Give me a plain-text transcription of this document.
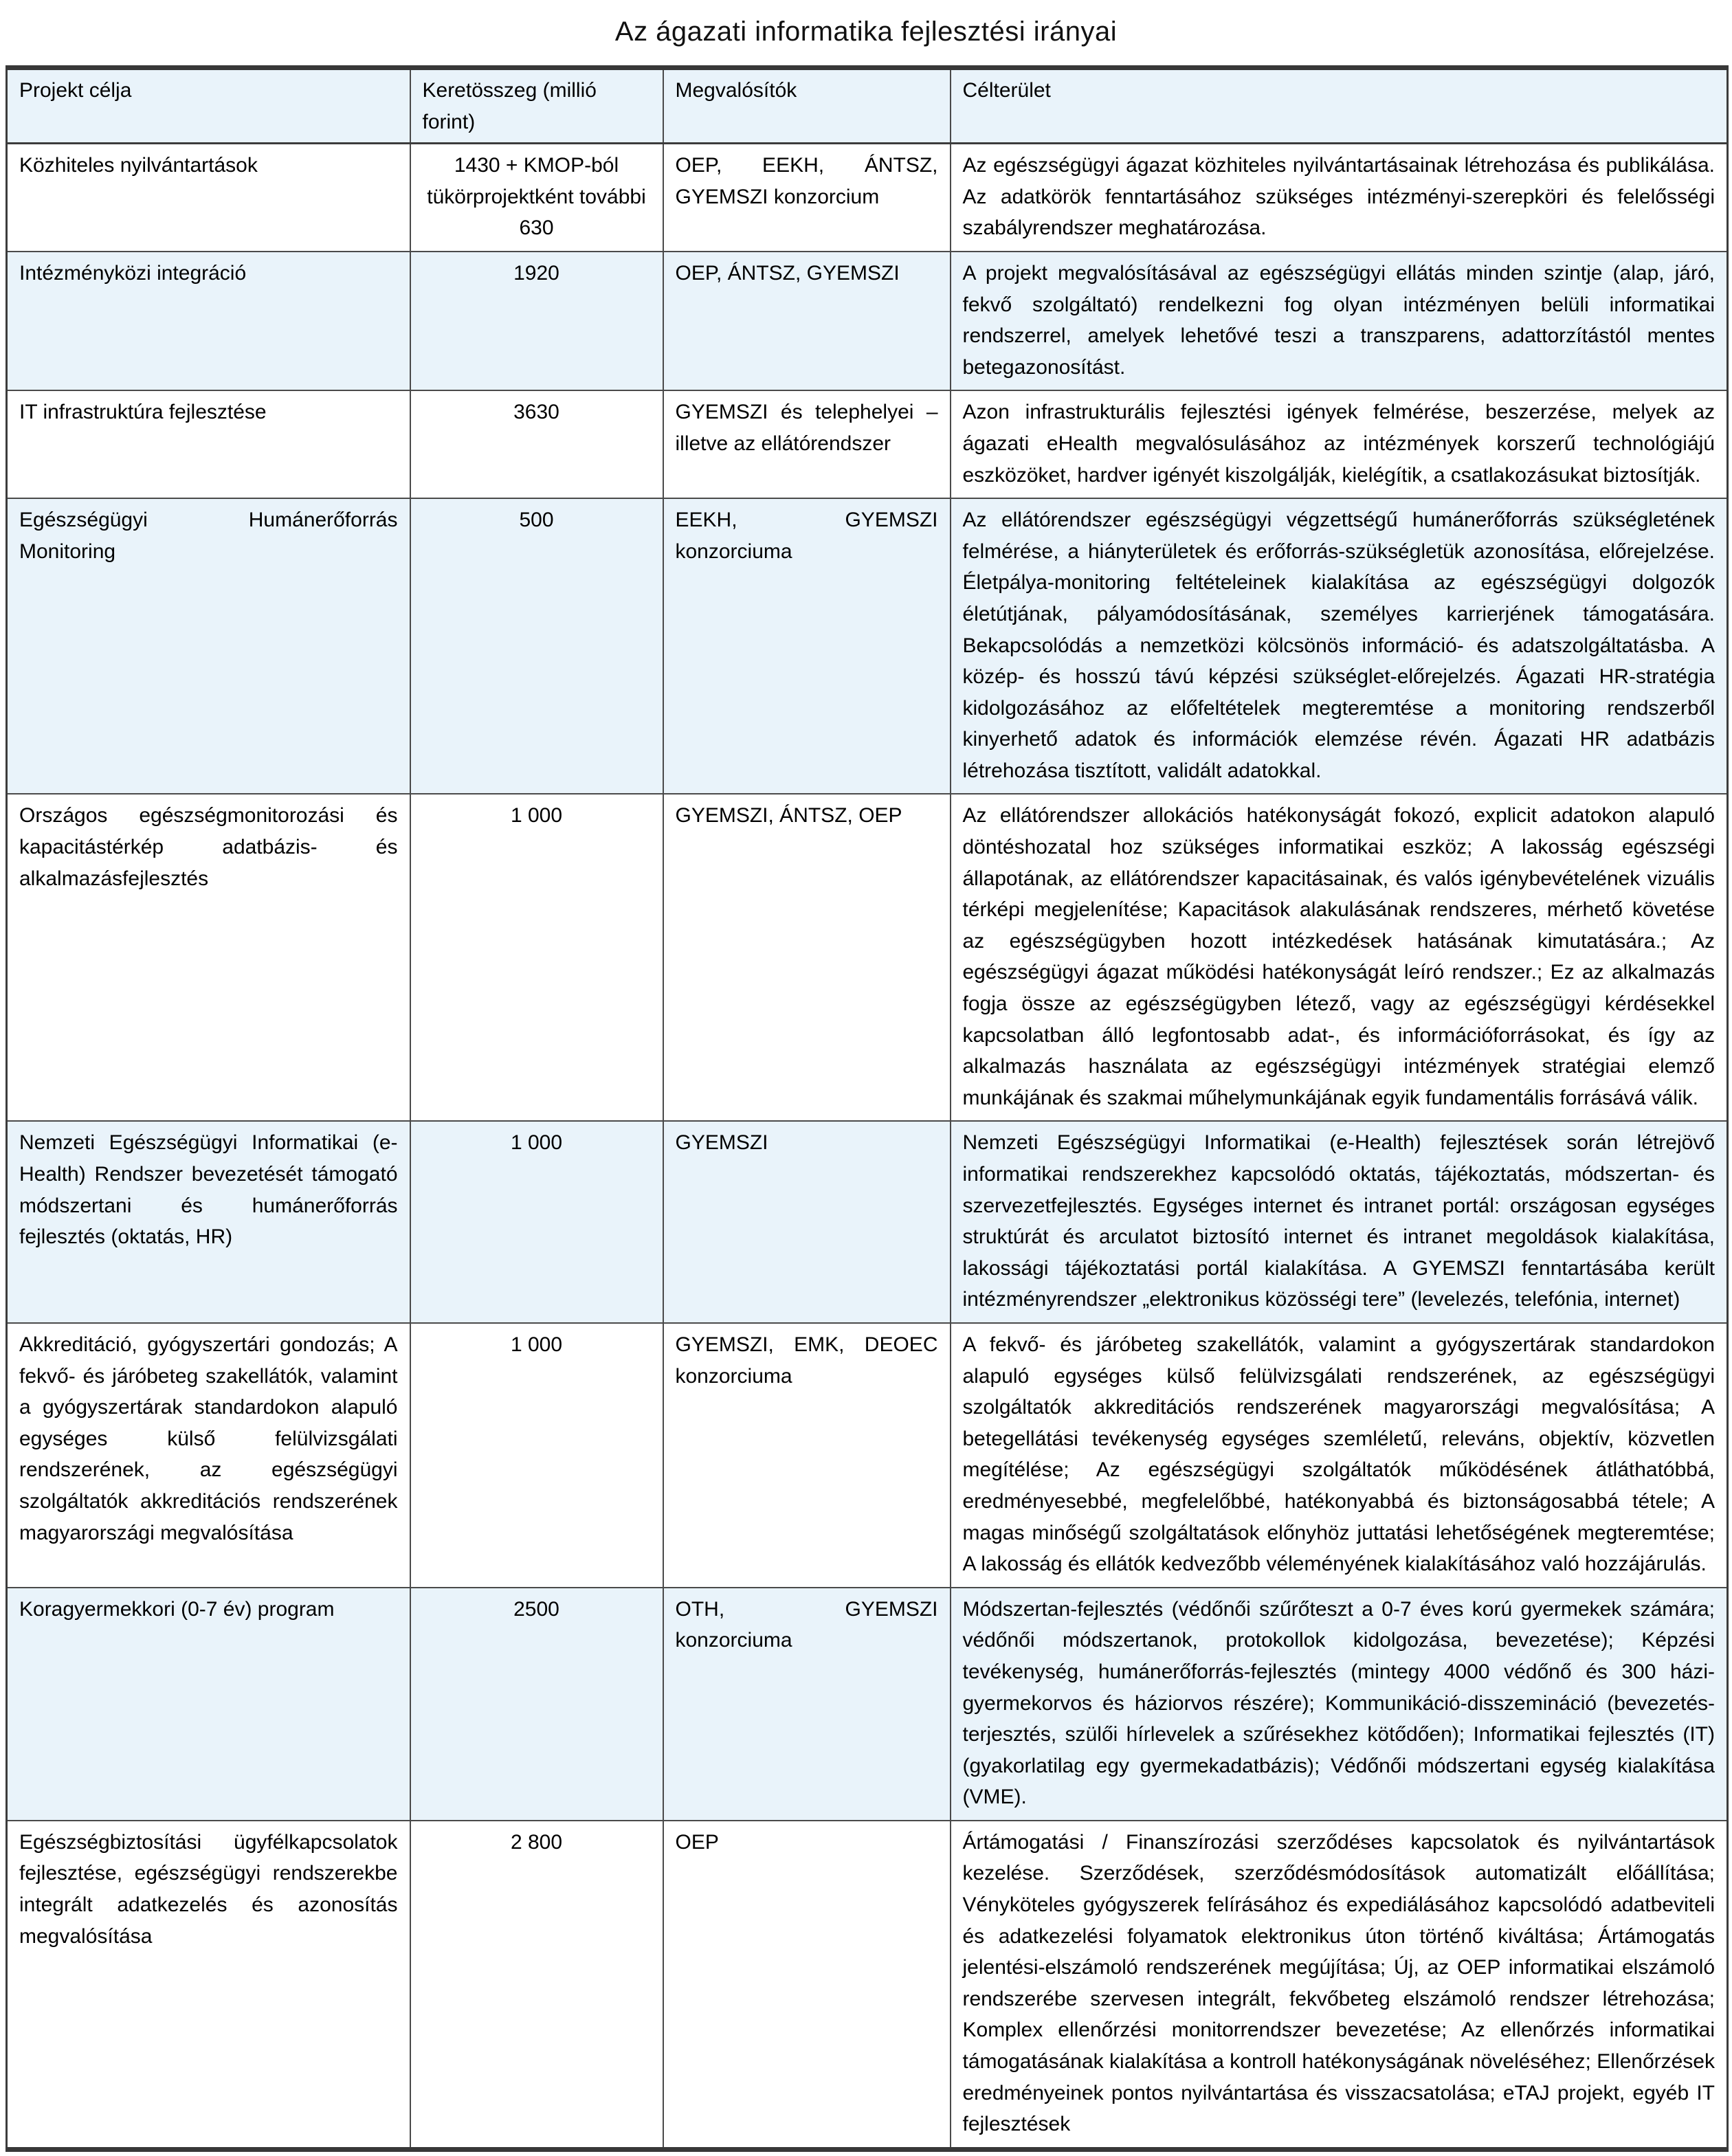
Az ágazati informatika fejlesztési irányai
Projekt célja	Keretösszeg (millió forint)	Megvalósítók	Célterület
Közhiteles nyilvántartások	1430 + KMOP-ból tükörprojektként további 630	OEP, EEKH, ÁNTSZ, GYEMSZI konzorcium	Az egészségügyi ágazat közhiteles nyilvántartásainak létrehozása és publikálása. Az adatkörök fenntartásához szükséges intézményi-szerepköri és felelősségi szabályrendszer meghatározása.
Intézményközi integráció	1920	OEP, ÁNTSZ, GYEMSZI	A projekt megvalósításával az egészségügyi ellátás minden szintje (alap, járó, fekvő szolgáltató) rendelkezni fog olyan intézményen belüli informatikai rendszerrel, amelyek lehetővé teszi a transzparens, adattorzítástól mentes betegazonosítást.
IT infrastruktúra fejlesztése	3630	GYEMSZI és telephelyei – illetve az ellátórendszer	Azon infrastrukturális fejlesztési igények felmérése, beszerzése, melyek az ágazati eHealth megvalósulásához az intézmények korszerű technológiájú eszközöket, hardver igényét kiszolgálják, kielégítik, a csatlakozásukat biztosítják.
Egészségügyi Humánerőforrás Monitoring	500	EEKH, GYEMSZI konzorciuma	Az ellátórendszer egészségügyi végzettségű humánerőforrás szükségletének felmérése, a hiányterületek és erőforrás-szükségletük azonosítása, előrejelzése. Életpálya-monitoring feltételeinek kialakítása az egészségügyi dolgozók életútjának, pályamódosításának, személyes karrierjének támogatására. Bekapcsolódás a nemzetközi kölcsönös információ- és adatszolgáltatásba. A közép- és hosszú távú képzési szükséglet-előrejelzés. Ágazati HR-stratégia kidolgozásához az előfeltételek megteremtése a monitoring rendszerből kinyerhető adatok és információk elemzése révén. Ágazati HR adatbázis létrehozása tisztított, validált adatokkal.
Országos egészségmonitorozási és kapacitástérkép adatbázis- és alkalmazásfejlesztés	1 000	GYEMSZI, ÁNTSZ, OEP	Az ellátórendszer allokációs hatékonyságát fokozó, explicit adatokon alapuló döntéshozatal hoz szükséges informatikai eszköz; A lakosság egészségi állapotának, az ellátórendszer kapacitásainak, és valós igénybevételének vizuális térképi megjelenítése; Kapacitások alakulásának rendszeres, mérhető követése az egészségügyben hozott intézkedések hatásának kimutatására.; Az egészségügyi ágazat működési hatékonyságát leíró rendszer.; Ez az alkalmazás fogja össze az egészségügyben létező, vagy az egészségügyi kérdésekkel kapcsolatban álló legfontosabb adat-, és információforrásokat, és így az alkalmazás használata az egészségügyi intézmények stratégiai elemző munkájának és szakmai műhelymunkájának egyik fundamentális forrásává válik.
Nemzeti Egészségügyi Informatikai (e-Health) Rendszer bevezetését támogató módszertani és humánerőforrás fejlesztés (oktatás, HR)	1 000	GYEMSZI	Nemzeti Egészségügyi Informatikai (e-Health) fejlesztések során létrejövő informatikai rendszerekhez kapcsolódó oktatás, tájékoztatás, módszertan- és szervezetfejlesztés. Egységes internet és intranet portál: országosan egységes struktúrát és arculatot biztosító internet és intranet megoldások kialakítása, lakossági tájékoztatási portál kialakítása. A GYEMSZI fenntartásába került intézményrendszer „elektronikus közösségi tere” (levelezés, telefónia, internet)
Akkreditáció, gyógyszertári gondozás; A fekvő- és járóbeteg szakellátók, valamint a gyógyszertárak standardokon alapuló egységes külső felülvizsgálati rendszerének, az egészségügyi szolgáltatók akkreditációs rendszerének magyarországi megvalósítása	1 000	GYEMSZI, EMK, DEOEC konzorciuma	A fekvő- és járóbeteg szakellátók, valamint a gyógyszertárak standardokon alapuló egységes külső felülvizsgálati rendszerének, az egészségügyi szolgáltatók akkreditációs rendszerének magyarországi megvalósítása; A betegellátási tevékenység egységes szemléletű, releváns, objektív, közvetlen megítélése; Az egészségügyi szolgáltatók működésének átláthatóbbá, eredményesebbé, megfelelőbbé, hatékonyabbá és biztonságosabbá tétele; A magas minőségű szolgáltatások előnyhöz juttatási lehetőségének megteremtése; A lakosság és ellátók kedvezőbb véleményének kialakításához való hozzájárulás.
Koragyermekkori (0-7 év) program	2500	OTH, GYEMSZI konzorciuma	Módszertan-fejlesztés (védőnői szűrőteszt a 0-7 éves korú gyermekek számára; védőnői módszertanok, protokollok kidolgozása, bevezetése); Képzési tevékenység, humánerőforrás-fejlesztés (mintegy 4000 védőnő és 300 házi-gyermekorvos és háziorvos részére); Kommunikáció-disszemináció (bevezetés-terjesztés, szülői hírlevelek a szűrésekhez kötődően); Informatikai fejlesztés (IT) (gyakorlatilag egy gyermekadatbázis); Védőnői módszertani egység kialakítása (VME).
Egészségbiztosítási ügyfélkapcsolatok fejlesztése, egészségügyi rendszerekbe integrált adatkezelés és azonosítás megvalósítása	2 800	OEP	Ártámogatási / Finanszírozási szerződéses kapcsolatok és nyilvántartások kezelése. Szerződések, szerződésmódosítások automatizált előállítása; Vényköteles gyógyszerek felírásához és expediálásához kapcsolódó adatbeviteli és adatkezelési folyamatok elektronikus úton történő kiváltása; Ártámogatás jelentési-elszámoló rendszerének megújítása; Új, az OEP informatikai elszámoló rendszerébe szervesen integrált, fekvőbeteg elszámoló rendszer létrehozása; Komplex ellenőrzési monitorrendszer bevezetése; Az ellenőrzés informatikai támogatásának kialakítása a kontroll hatékonyságának növeléséhez; Ellenőrzések eredményeinek pontos nyilvántartása és visszacsatolása; eTAJ projekt, egyéb IT fejlesztések
